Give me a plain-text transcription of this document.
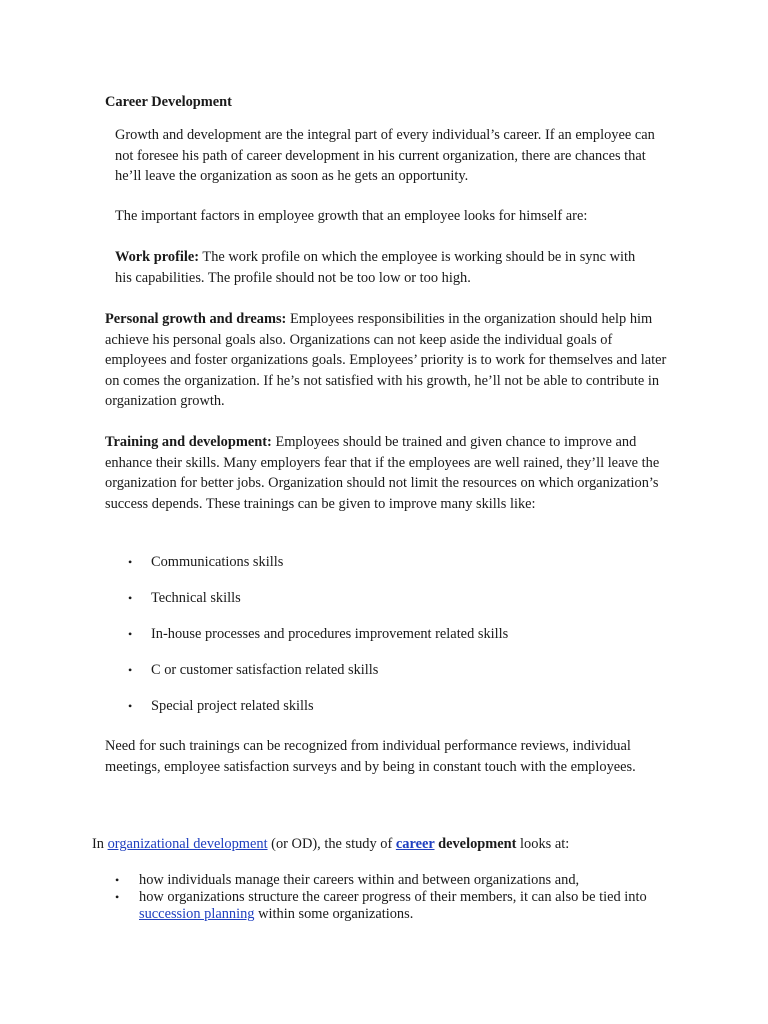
Career Development

Growth and development are the integral part of every individual’s career. If an employee can not foresee his path of career development in his current organization, there are chances that he’ll leave the organization as soon as he gets an opportunity.

The important factors in employee growth that an employee looks for himself are:

Work profile: The work profile on which the employee is working should be in sync with his capabilities. The profile should not be too low or too high.

Personal growth and dreams: Employees responsibilities in the organization should help him achieve his personal goals also. Organizations can not keep aside the individual goals of employees and foster organizations goals. Employees’ priority is to work for themselves and later on comes the organization. If he’s not satisfied with his growth, he’ll not be able to contribute in organization growth.

Training and development: Employees should be trained and given chance to improve and enhance their skills. Many employers fear that if the employees are well rained, they’ll leave the organization for better jobs. Organization should not limit the resources on which organization’s success depends. These trainings can be given to improve many skills like:

• Communications skills
• Technical skills
• In-house processes and procedures improvement related skills
• C or customer satisfaction related skills
• Special project related skills

Need for such trainings can be recognized from individual performance reviews, individual meetings, employee satisfaction surveys and by being in constant touch with the employees.

In organizational development (or OD), the study of career development looks at:
• how individuals manage their careers within and between organizations and,
• how organizations structure the career progress of their members, it can also be tied into succession planning within some organizations.
